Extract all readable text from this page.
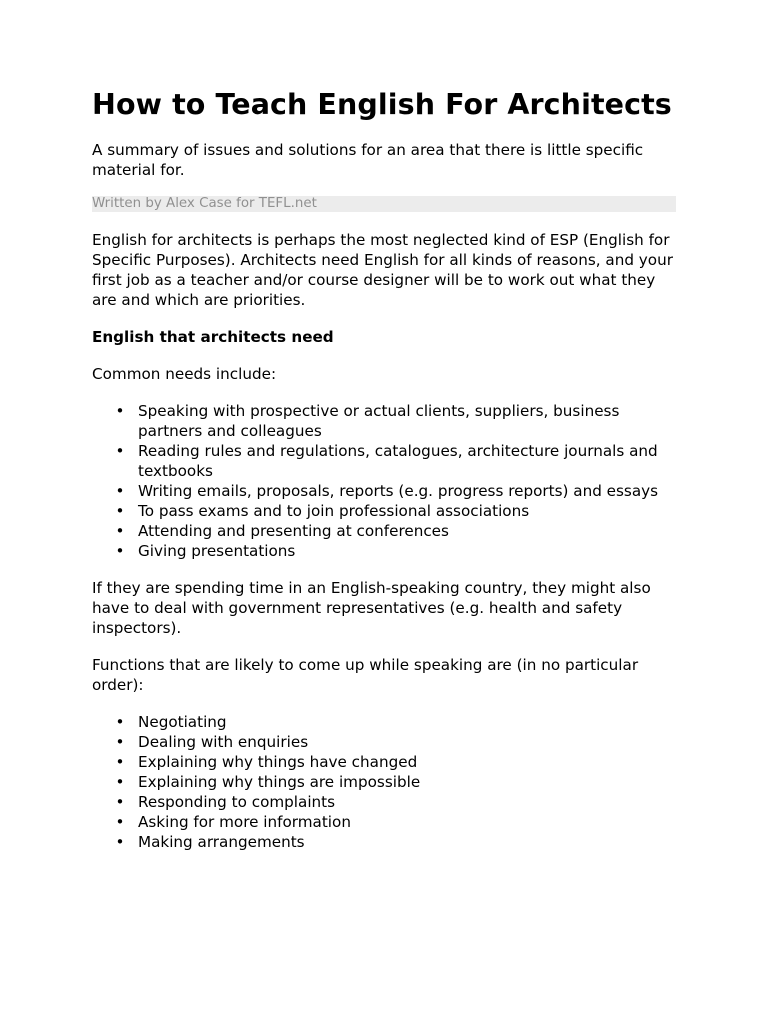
How to Teach English For Architects

A summary of issues and solutions for an area that there is little specific material for.

Written by Alex Case for TEFL.net

English for architects is perhaps the most neglected kind of ESP (English for Specific Purposes). Architects need English for all kinds of reasons, and your first job as a teacher and/or course designer will be to work out what they are and which are priorities.

English that architects need

Common needs include:

• Speaking with prospective or actual clients, suppliers, business partners and colleagues
• Reading rules and regulations, catalogues, architecture journals and textbooks
• Writing emails, proposals, reports (e.g. progress reports) and essays
• To pass exams and to join professional associations
• Attending and presenting at conferences
• Giving presentations

If they are spending time in an English-speaking country, they might also have to deal with government representatives (e.g. health and safety inspectors).

Functions that are likely to come up while speaking are (in no particular order):

• Negotiating
• Dealing with enquiries
• Explaining why things have changed
• Explaining why things are impossible
• Responding to complaints
• Asking for more information
• Making arrangements
